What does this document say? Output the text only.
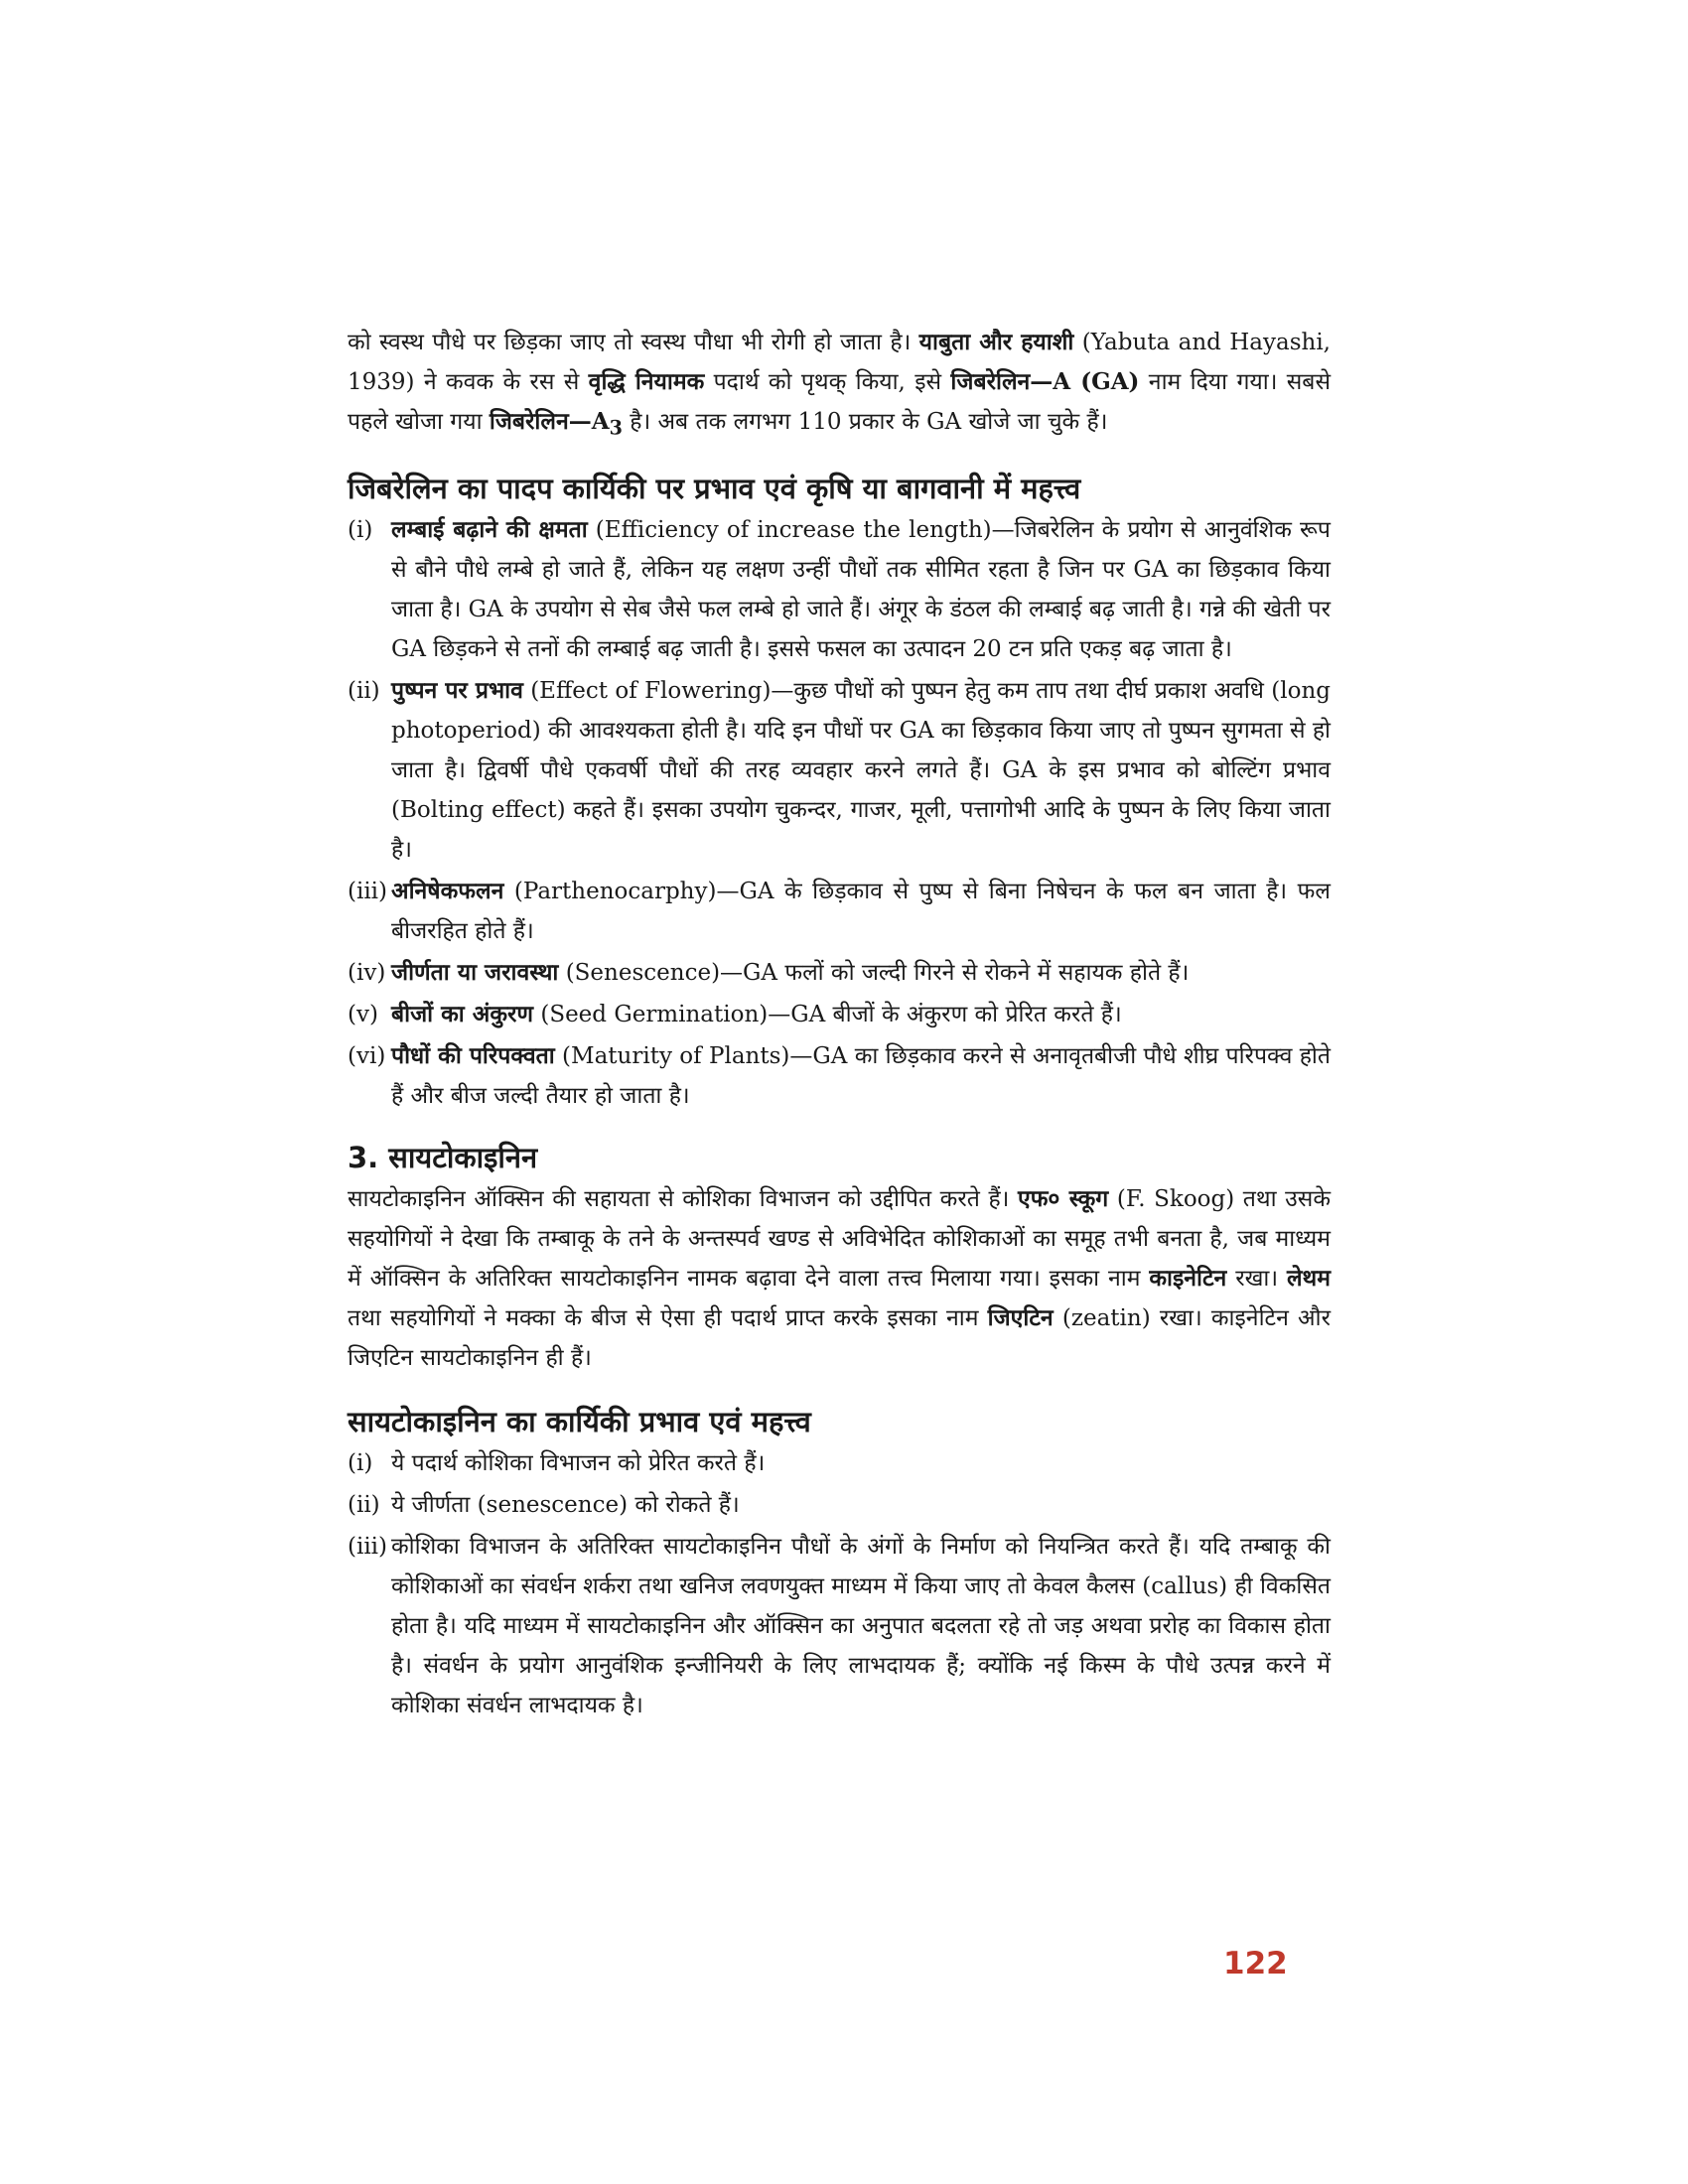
को स्वस्थ पौधे पर छिड़का जाए तो स्वस्थ पौधा भी रोगी हो जाता है। याबुता और हयाशी (Yabuta and Hayashi, 1939) ने कवक के रस से वृद्धि नियामक पदार्थ को पृथक् किया, इसे जिबरेलिन—A (GA) नाम दिया गया। सबसे पहले खोजा गया $जिबरेलिन—A_3$ है। अब तक लगभग 110 प्रकार के GA खोजे जा चुके हैं।

जिबरेलिन का पादप कार्यिकी पर प्रभाव एवं कृषि या बागवानी में महत्त्व
(i) लम्बाई बढ़ाने की क्षमता (Efficiency of increase the length)—जिबरेलिन के प्रयोग से आनुवंशिक रूप से बौने पौधे लम्बे हो जाते हैं, लेकिन यह लक्षण उन्हीं पौधों तक सीमित रहता है जिन पर GA का छिड़काव किया जाता है। GA के उपयोग से सेब जैसे फल लम्बे हो जाते हैं। अंगूर के डंठल की लम्बाई बढ़ जाती है। गन्ने की खेती पर GA छिड़कने से तनों की लम्बाई बढ़ जाती है। इससे फसल का उत्पादन 20 टन प्रति एकड़ बढ़ जाता है।
(ii) पुष्पन पर प्रभाव (Effect of Flowering)—कुछ पौधों को पुष्पन हेतु कम ताप तथा दीर्घ प्रकाश अवधि (long photoperiod) की आवश्यकता होती है। यदि इन पौधों पर GA का छिड़काव किया जाए तो पुष्पन सुगमता से हो जाता है। द्विवर्षी पौधे एकवर्षी पौधों की तरह व्यवहार करने लगते हैं। GA के इस प्रभाव को बोल्टिंग प्रभाव (Bolting effect) कहते हैं। इसका उपयोग चुकन्दर, गाजर, मूली, पत्तागोभी आदि के पुष्पन के लिए किया जाता है।
(iii) अनिषेकफलन (Parthenocarphy)—GA के छिड़काव से पुष्प से बिना निषेचन के फल बन जाता है। फल बीजरहित होते हैं।
(iv) जीर्णता या जरावस्था (Senescence)—GA फलों को जल्दी गिरने से रोकने में सहायक होते हैं।
(v) बीजों का अंकुरण (Seed Germination)—GA बीजों के अंकुरण को प्रेरित करते हैं।
(vi) पौधों की परिपक्वता (Maturity of Plants)—GA का छिड़काव करने से अनावृतबीजी पौधे शीघ्र परिपक्व होते हैं और बीज जल्दी तैयार हो जाता है।
3. सायटोकाइनिन

सायटोकाइनिन ऑक्सिन की सहायता से कोशिका विभाजन को उद्दीपित करते हैं। एफ० स्कूग (F. Skoog) तथा उसके सहयोगियों ने देखा कि तम्बाकू के तने के अन्तस्पर्व खण्ड से अविभेदित कोशिकाओं का समूह तभी बनता है, जब माध्यम में ऑक्सिन के अतिरिक्त सायटोकाइनिन नामक बढ़ावा देने वाला तत्त्व मिलाया गया। इसका नाम काइनेटिन रखा। लेथम तथा सहयोगियों ने मक्का के बीज से ऐसा ही पदार्थ प्राप्त करके इसका नाम जिएटिन (zeatin) रखा। काइनेटिन और जिएटिन सायटोकाइनिन ही हैं।

सायटोकाइनिन का कार्यिकी प्रभाव एवं महत्त्व
(i) ये पदार्थ कोशिका विभाजन को प्रेरित करते हैं।
(ii) ये जीर्णता (senescence) को रोकते हैं।
(iii) कोशिका विभाजन के अतिरिक्त सायटोकाइनिन पौधों के अंगों के निर्माण को नियन्त्रित करते हैं। यदि तम्बाकू की कोशिकाओं का संवर्धन शर्करा तथा खनिज लवणयुक्त माध्यम में किया जाए तो केवल कैलस (callus) ही विकसित होता है। यदि माध्यम में सायटोकाइनिन और ऑक्सिन का अनुपात बदलता रहे तो जड़ अथवा प्ररोह का विकास होता है। संवर्धन के प्रयोग आनुवंशिक इन्जीनियरी के लिए लाभदायक हैं; क्योंकि नई किस्म के पौधे उत्पन्न करने में कोशिका संवर्धन लाभदायक है।
122
